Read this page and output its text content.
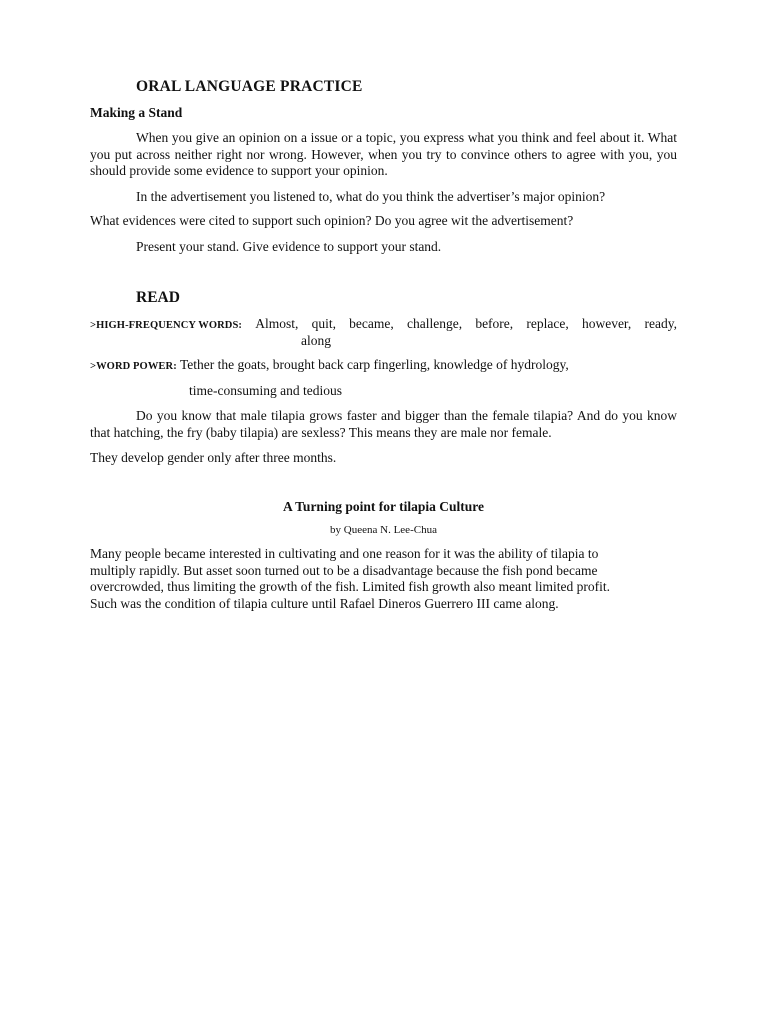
ORAL LANGUAGE PRACTICE
Making a Stand

When you give an opinion on a issue or a topic, you express what you think and feel about it. What you put across neither right nor wrong. However, when you try to convince others to agree with you, you should provide some evidence to support your opinion.

In the advertisement you listened to, what do you think the advertiser’s major opinion?

What evidences were cited to support such opinion? Do you agree wit the advertisement?

Present your stand. Give evidence to support your stand.

READ
>HIGH-FREQUENCY WORDS: Almost, quit, became, challenge, before, replace, however, ready,

along

>WORD POWER: Tether the goats, brought back carp fingerling, knowledge of hydrology,

time-consuming and tedious

Do you know that male tilapia grows faster and bigger than the female tilapia? And do you know that hatching, the fry (baby tilapia) are sexless? This means they are male nor female.

They develop gender only after three months.

A Turning point for tilapia Culture

by Queena N. Lee-Chua

Many people became interested in cultivating and one reason for it was the ability of tilapia to
multiply rapidly. But asset soon turned out to be a disadvantage because the fish pond became
overcrowded, thus limiting the growth of the fish. Limited fish growth also meant limited profit.
Such was the condition of tilapia culture until Rafael Dineros Guerrero III came along.
